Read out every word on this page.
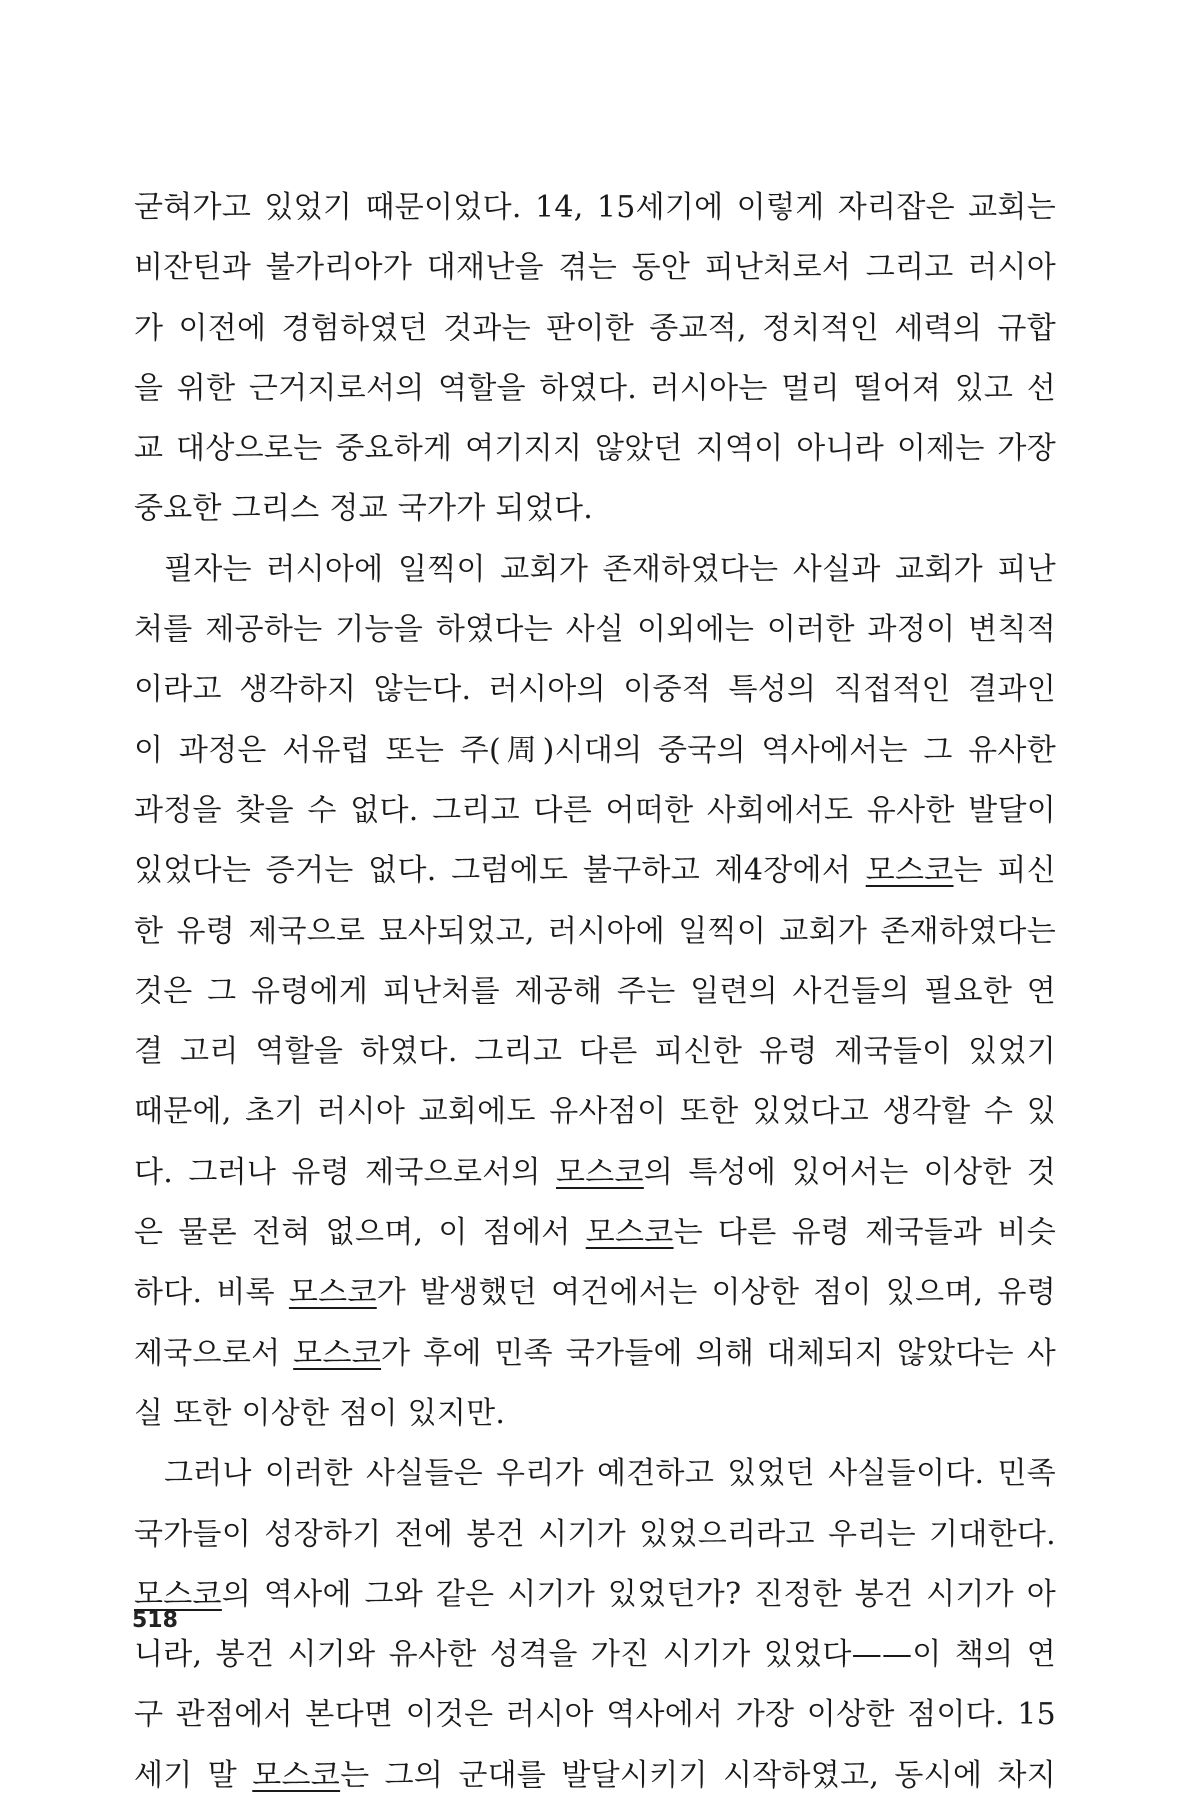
굳혀가고 있었기 때문이었다. 14, 15세기에 이렇게 자리잡은 교회는
비잔틴과 불가리아가 대재난을 겪는 동안 피난처로서 그리고 러시아
가 이전에 경험하였던 것과는 판이한 종교적, 정치적인 세력의 규합
을 위한 근거지로서의 역할을 하였다. 러시아는 멀리 떨어져 있고 선
교 대상으로는 중요하게 여기지지 않았던 지역이 아니라 이제는 가장
중요한 그리스 정교 국가가 되었다.
필자는 러시아에 일찍이 교회가 존재하였다는 사실과 교회가 피난
처를 제공하는 기능을 하였다는 사실 이외에는 이러한 과정이 변칙적
이라고 생각하지 않는다. 러시아의 이중적 특성의 직접적인 결과인
이 과정은 서유럽 또는 주(周)시대의 중국의 역사에서는 그 유사한
과정을 찾을 수 없다. 그리고 다른 어떠한 사회에서도 유사한 발달이
있었다는 증거는 없다. 그럼에도 불구하고 제4장에서 모스코는 피신
한 유령 제국으로 묘사되었고, 러시아에 일찍이 교회가 존재하였다는
것은 그 유령에게 피난처를 제공해 주는 일련의 사건들의 필요한 연
결 고리 역할을 하였다. 그리고 다른 피신한 유령 제국들이 있었기
때문에, 초기 러시아 교회에도 유사점이 또한 있었다고 생각할 수 있
다. 그러나 유령 제국으로서의 모스코의 특성에 있어서는 이상한 것
은 물론 전혀 없으며, 이 점에서 모스코는 다른 유령 제국들과 비슷
하다. 비록 모스코가 발생했던 여건에서는 이상한 점이 있으며, 유령
제국으로서 모스코가 후에 민족 국가들에 의해 대체되지 않았다는 사
실 또한 이상한 점이 있지만.
그러나 이러한 사실들은 우리가 예견하고 있었던 사실들이다. 민족
국가들이 성장하기 전에 봉건 시기가 있었으리라고 우리는 기대한다.
모스코의 역사에 그와 같은 시기가 있었던가? 진정한 봉건 시기가 아
니라, 봉건 시기와 유사한 성격을 가진 시기가 있었다——이 책의 연
구 관점에서 본다면 이것은 러시아 역사에서 가장 이상한 점이다. 15
세기 말 모스코는 그의 군대를 발달시키기 시작하였고, 동시에 차지
518
